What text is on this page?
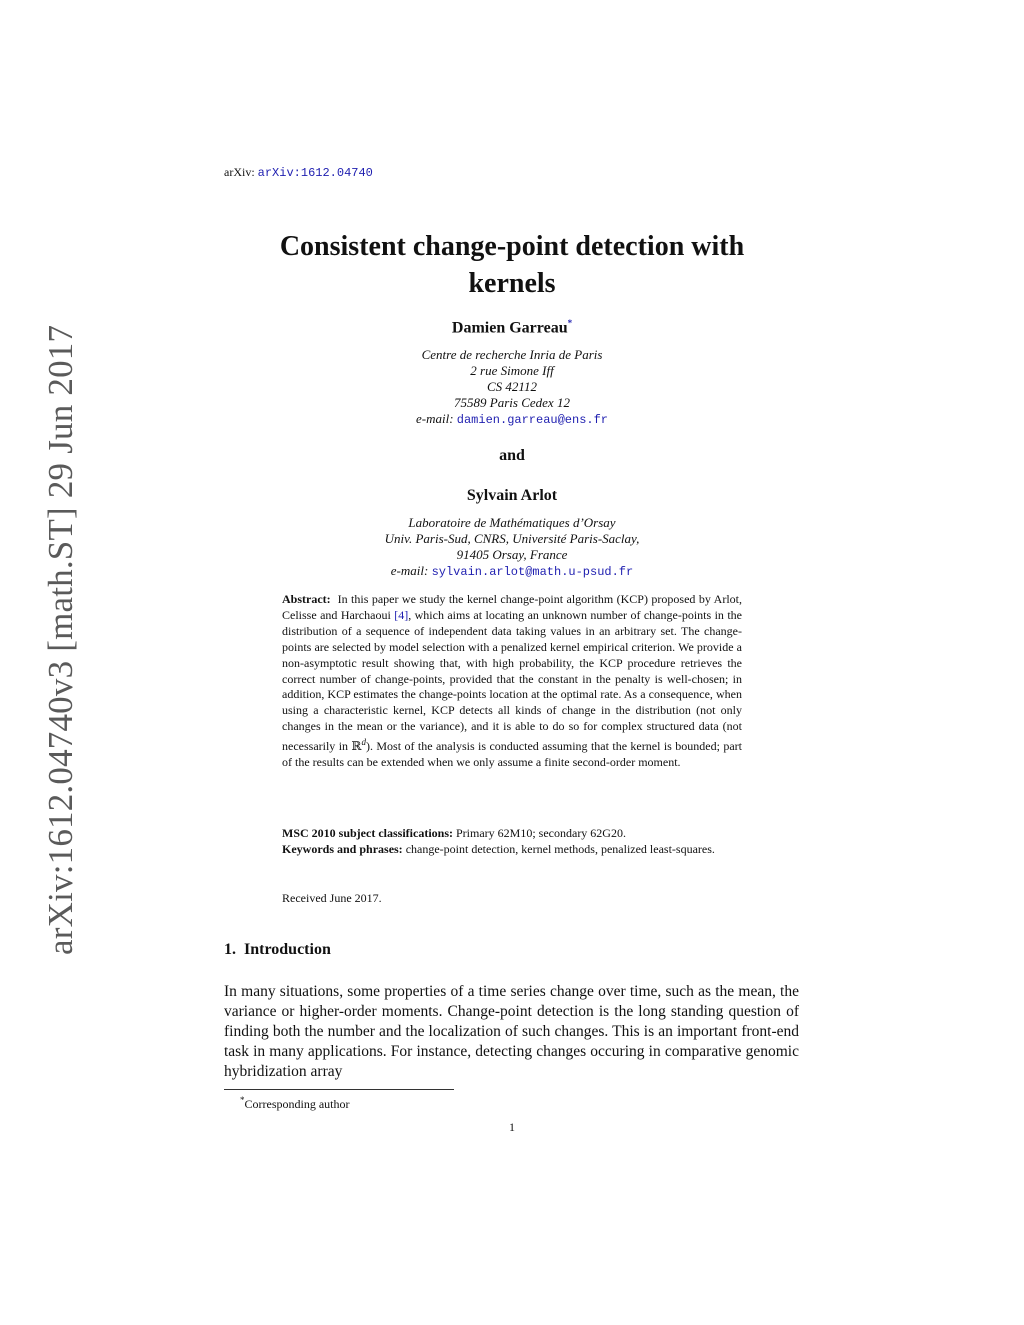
arXiv: arXiv:1612.04740
arXiv:1612.04740v3 [math.ST] 29 Jun 2017
Consistent change-point detection with
kernels
Damien Garreau*
Centre de recherche Inria de Paris
2 rue Simone Iff
CS 42112
75589 Paris Cedex 12
e-mail: damien.garreau@ens.fr
and
Sylvain Arlot
Laboratoire de Mathématiques d’Orsay
Univ. Paris-Sud, CNRS, Université Paris-Saclay,
91405 Orsay, France
e-mail: sylvain.arlot@math.u-psud.fr
Abstract: In this paper we study the kernel change-point algorithm (KCP) proposed by Arlot, Celisse and Harchaoui [4], which aims at locating an unknown number of change-points in the distribution of a sequence of independent data taking values in an arbitrary set. The change-points are selected by model selection with a penalized kernel empirical criterion. We provide a non-asymptotic result showing that, with high probability, the KCP procedure retrieves the correct number of change-points, provided that the constant in the penalty is well-chosen; in addition, KCP estimates the change-points location at the optimal rate. As a consequence, when using a characteristic kernel, KCP detects all kinds of change in the distribution (not only changes in the mean or the variance), and it is able to do so for complex structured data (not necessarily in ℝ$^d$). Most of the analysis is conducted assuming that the kernel is bounded; part of the results can be extended when we only assume a finite second-order moment.
MSC 2010 subject classifications: Primary 62M10; secondary 62G20.
Keywords and phrases: change-point detection, kernel methods, penalized least-squares.
Received June 2017.
1. Introduction
In many situations, some properties of a time series change over time, such as the mean, the variance or higher-order moments. Change-point detection is the long standing question of finding both the number and the localization of such changes. This is an important front-end task in many applications. For instance, detecting changes occuring in comparative genomic hybridization array
*Corresponding author
1
